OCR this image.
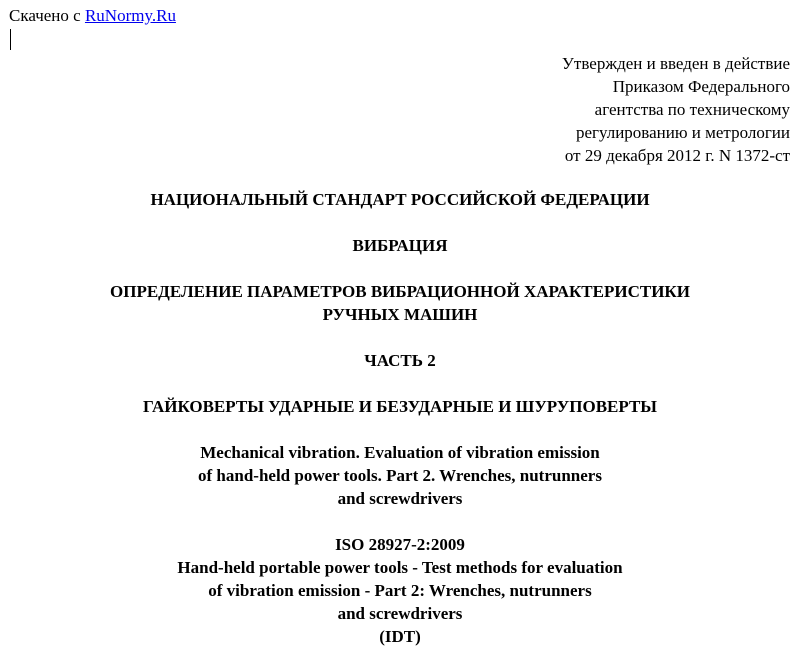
Скачено с RuNormy.Ru
Утвержден и введен в действие
Приказом Федерального
агентства по техническому
регулированию и метрологии
от 29 декабря 2012 г. N 1372-ст
НАЦИОНАЛЬНЫЙ СТАНДАРТ РОССИЙСКОЙ ФЕДЕРАЦИИ
ВИБРАЦИЯ
ОПРЕДЕЛЕНИЕ ПАРАМЕТРОВ ВИБРАЦИОННОЙ ХАРАКТЕРИСТИКИ
РУЧНЫХ МАШИН
ЧАСТЬ 2
ГАЙКОВЕРТЫ УДАРНЫЕ И БЕЗУДАРНЫЕ И ШУРУПОВЕРТЫ
Mechanical vibration. Evaluation of vibration emission
of hand-held power tools. Part 2. Wrenches, nutrunners
and screwdrivers
ISO 28927-2:2009
Hand-held portable power tools - Test methods for evaluation
of vibration emission - Part 2: Wrenches, nutrunners
and screwdrivers
(IDT)
